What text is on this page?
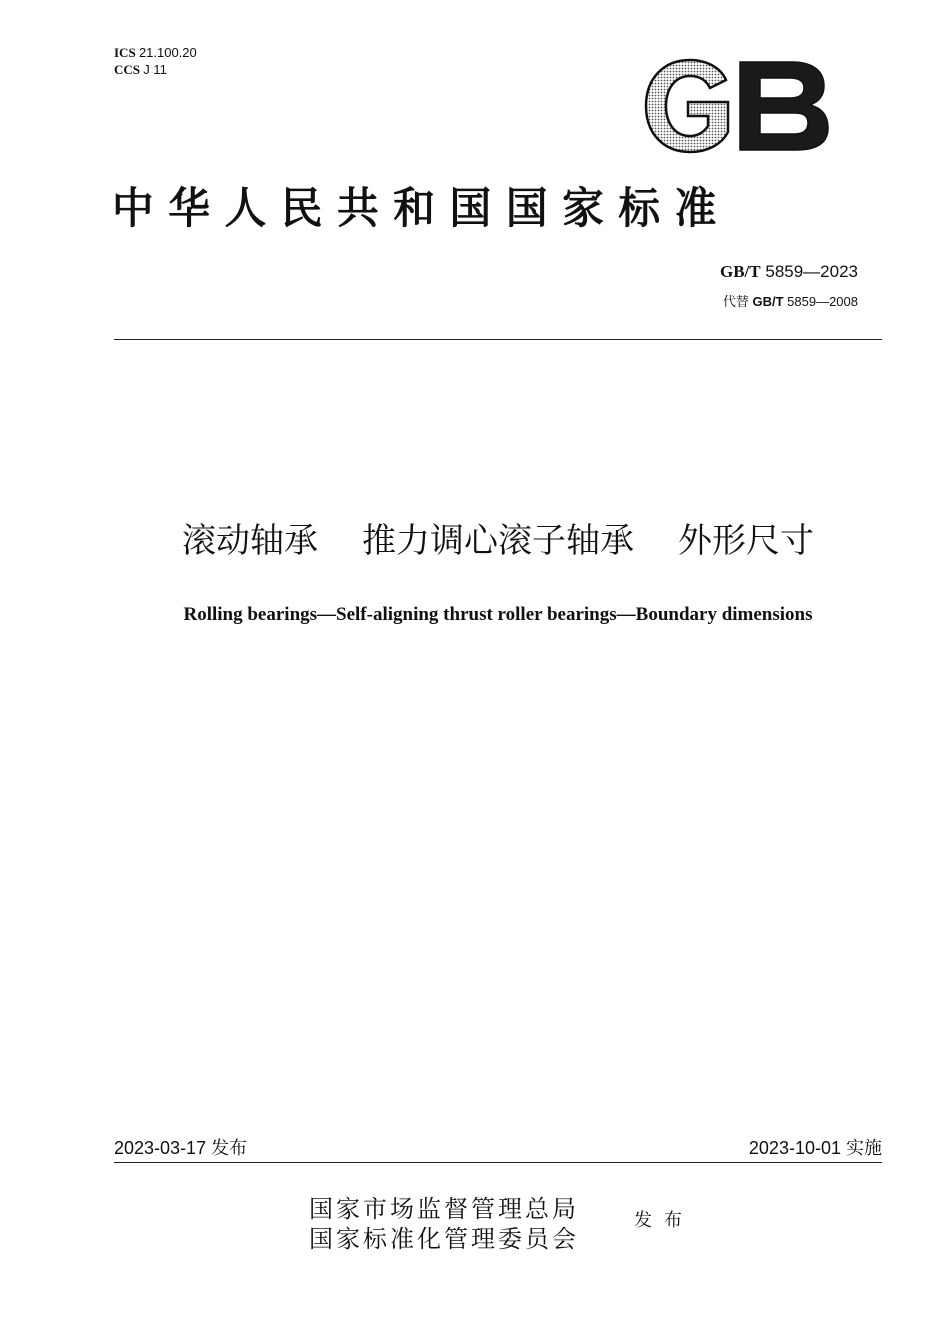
ICS 21.100.20
CCS J 11
中华人民共和国国家标准
GB/T 5859—2023
代替 GB/T 5859—2008
滚动轴承 推力调心滚子轴承 外形尺寸
Rolling bearings—Self-aligning thrust roller bearings—Boundary dimensions
2023-03-17 发布	2023-10-01 实施
国家市场监督管理总局
国家标准化管理委员会
发布
